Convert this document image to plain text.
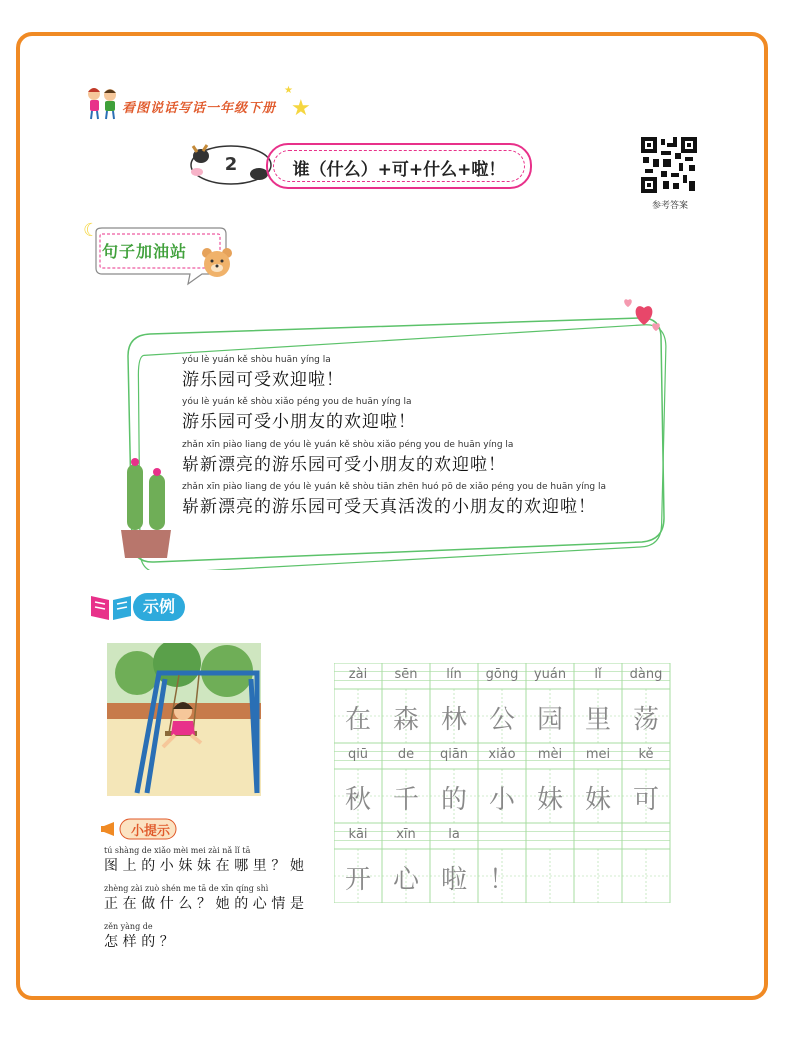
看图说话写话一年级下册
★
★
2	谁（什么）+可+什么+啦！
参考答案
☾
句子加油站
yóu lè yuán kě shòu huān yíng la
游乐园可受欢迎啦！
yóu lè yuán kě shòu xiǎo péng you de huān yíng la
游乐园可受小朋友的欢迎啦！
zhǎn xīn piào liang de yóu lè yuán kě shòu xiǎo péng you de huān yíng la
崭新漂亮的游乐园可受小朋友的欢迎啦！
zhǎn xīn piào liang de yóu lè yuán kě shòu tiān zhēn huó pō de xiǎo péng you de huān yíng la
崭新漂亮的游乐园可受天真活泼的小朋友的欢迎啦！
示例
小提示
tú shàng de xiǎo mèi mei zài nǎ lǐ tā
图上的小妹妹在哪里？她
zhèng zài zuò shén me tā de xīn qíng shì
正在做什么？她的心情是
zěn yàng de
怎样的？
zài
在
sēn
森
lín
林
gōng
公
yuán
园
lǐ
里
dàng
荡
qiū
秋
de
千
qiān
的
xiǎo
小
mèi
妹
mei
妹
kě
可
kāi
开
xīn
心
la
啦 ！
